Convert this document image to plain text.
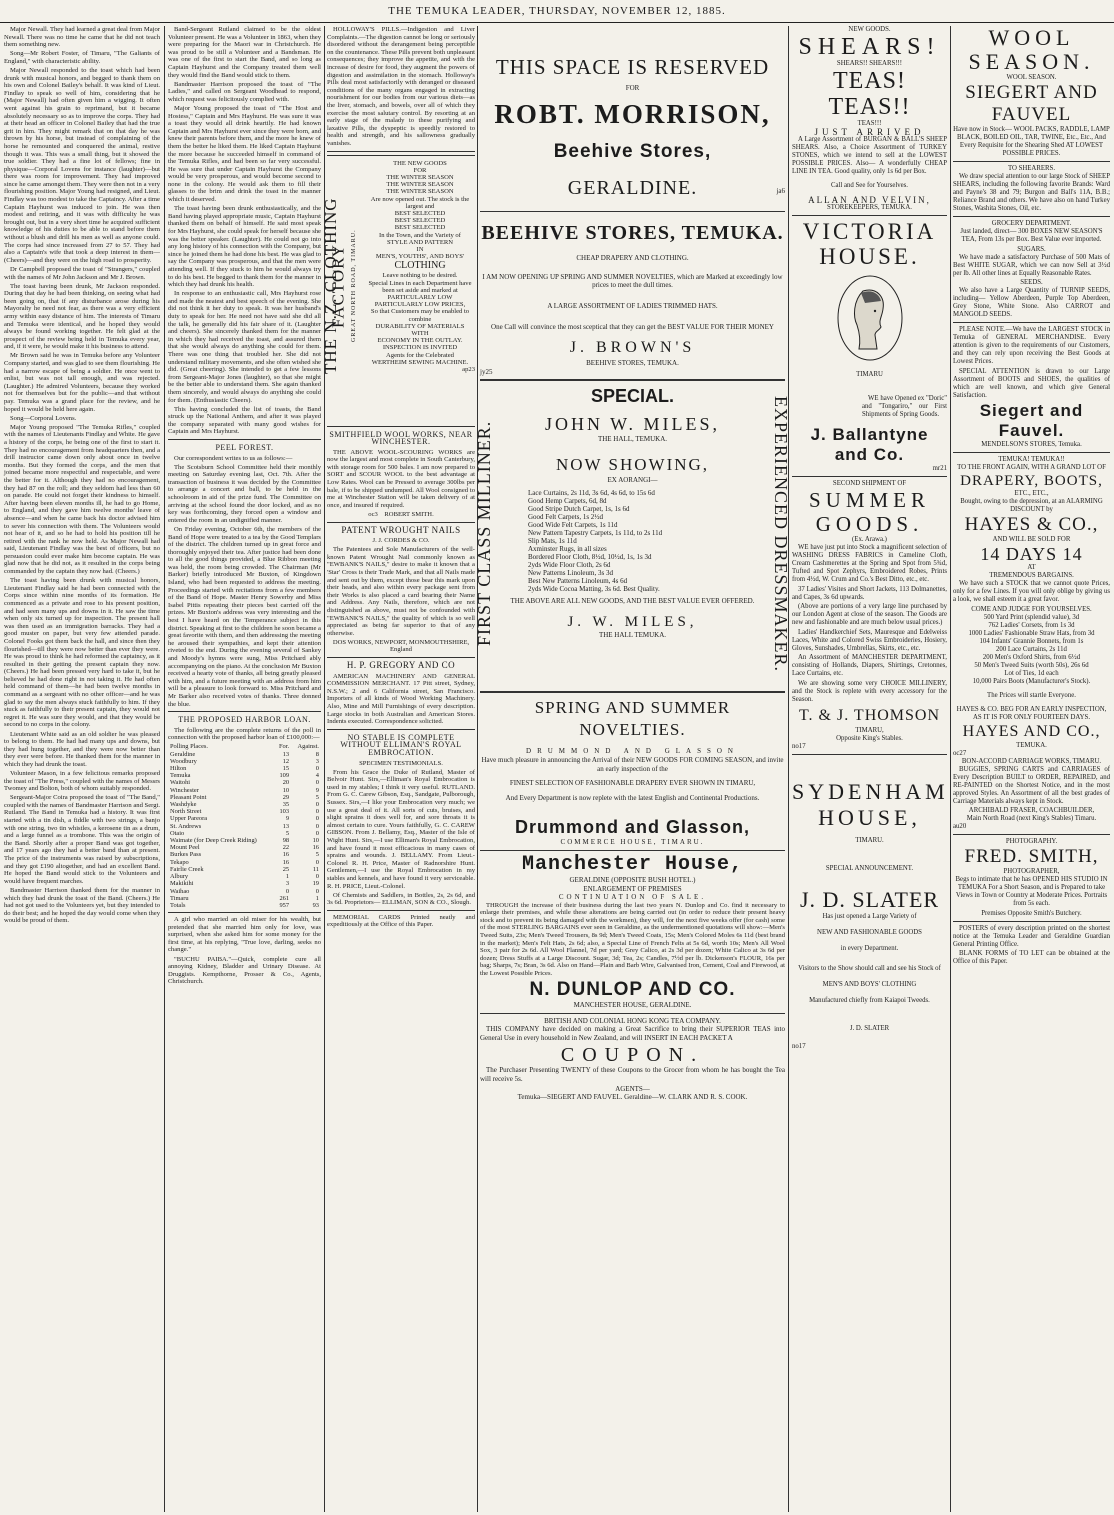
THE TEMUKA LEADER, THURSDAY, NOVEMBER 12, 1885.

Major Newall. They had learned a great deal from Major Newall. There was no time he came that he did not teach them something new.

Song—Mr Robert Foster, of Timaru, "The Galiants of England," with characteristic ability.

Major Newall responded to the toast which had been drunk with musical honors, and begged to thank them on his own and Colonel Bailey's behalf. It was kind of Lieut. Findlay to speak so well of him, considering that he (Major Newall) had often given him a wigging. It often went against his grain to reprimand, but it became absolutely necessary so as to improve the corps. They had at their head an officer in Colonel Bailey that had the true grit in him. They might remark that on that day he was thrown by his horse, but instead of complaining of the horse he remounted and conquered the animal, restive though it was. This was a small thing, but it showed the true soldier. They had a fine lot of fellows; fine in physique—Corporal Lovens for instance (laughter)—but there was room for improvement. They had improved since he came amongst them. They were then not in a very flourishing position. Major Young had resigned, and Lieut. Findlay was too modest to take the Captaincy. After a time Captain Hayhurst was induced to join. He was then modest and retiring, and it was with difficulty he was brought out, but in a very short time he acquired sufficient knowledge of his duties to be able to stand before them without a blush and drill his men as well as anyone could. The corps had since increased from 27 to 57. They had also a Captain's wife that took a deep interest in them—(Cheers)—and they were on the high road to prosperity.

Dr Campbell proposed the toast of "Strangers," coupled with the names of Mr John Jackson and Mr J. Brown.

The toast having been drunk, Mr Jackson responded. During that day he had been thinking, on seeing what had been going on, that if any disturbance arose during his Mayoralty he need not fear, as there was a very efficient army within easy distance of him. The interests of Timaru and Temuka were identical, and he hoped they would always be found working together. He felt glad at the prospect of the review being held in Temuka every year, and, if it were, he would make it his business to attend.

Mr Brown said he was in Temuka before any Volunteer Company started, and was glad to see them flourishing. He had a narrow escape of being a soldier. He once went to enlist, but was not tall enough, and was rejected. (Laughter.) He admired Volunteers, because they worked not for themselves but for the public—and that without pay. Temuka was a grand place for the review, and he hoped it would be held here again.

Song—Corporal Lovens.

Major Young proposed "The Temuka Rifles," coupled with the names of Lieutenants Findlay and White. He gave a history of the corps, he being one of the first to start it. They had no encouragement from headquarters then, and a drill instructor came down only about once in twelve months. But they formed the corps, and the men that joined became more respectful and respectable, and were the better for it. Although they had no encouragement, they had 87 on the roll; and they seldom had less than 60 on parade. He could not forget their kindness to himself. After having been eleven months ill, he had to go Home, to England, and they gave him twelve months' leave of absence—and when he came back his doctor advised him to sever his connection with them. The Volunteers would not hear of it, and so he had to hold his position till he retired with the rank he now held. As Major Newall had said, Lieutenant Findlay was the best of officers, but no persuasion could ever make him become captain. He was glad now that he did not, as it resulted in the corps being commanded by the captain they now had. (Cheers.)

The toast having been drunk with musical honors, Lieutenant Findlay said he had been connected with the Corps since within nine months of its formation. He commenced as a private and rose to his present position, and had seen many ups and downs in it. He saw the time when only six turned up for inspection. The present hall was then used as an immigration barracks. They had a good muster on paper, but very few attended parade. Colonel Fooks got them back the hall, and since then they flourished—till they were now better than ever they were. He was proud to think he had reformed the captaincy, as it resulted in their getting the present captain they now. (Cheers.) He had been pressed very hard to take it, but he believed he had done right in not taking it. He had often held command of them—he had been twelve months in command as a sergeant with no other officer—and he was glad to say the men always stuck faithfully to him. If they stuck as faithfully to their present captain, they would not regret it. He was sure they would, and that they would be second to no corps in the colony.

Lieutenant White said as an old soldier he was pleased to belong to them. He had had many ups and downs, but they had hung together, and they were now better than they ever were before. He thanked them for the manner in which they had drunk the toast.

Volunteer Mason, in a few felicitous remarks proposed the toast of "The Press," coupled with the names of Messrs Twomey and Bolton, both of whom suitably responded.

Sergeant-Major Coira proposed the toast of "The Band," coupled with the names of Bandmaster Harrison and Sergt. Rutland. The Band in Temuka had a history. It was first started with a tin dish, a fiddle with two strings, a banjo with one string, two tin whistles, a kerosene tin as a drum, and a large funnel as a trombone. This was the origin of the Band. Shortly after a proper Band was got together, and 17 years ago they had a better band than at present. The price of the instruments was raised by subscriptions, and they got £190 altogether, and had an excellent Band. He hoped the Band would stick to the Volunteers and would have frequent marches.

Bandmaster Harrison thanked them for the manner in which they had drunk the toast of the Band. (Cheers.) He had not got used to the Volunteers yet, but they intended to do their best; and he hoped the day would come when they would be proud of them.

Band-Sergeant Rutland claimed to be the oldest Volunteer present. He was a Volunteer in 1863, when they were preparing for the Maori war in Christchurch. He was proud to be still a Volunteer and a Bandsman. He was one of the first to start the Band, and so long as Captain Hayhurst and the Company treated them well they would find the Band would stick to them.

Bandmaster Harrison proposed the toast of "The Ladies," and called on Sergeant Woodhead to respond, which request was felicitously complied with.

Major Young proposed the toast of "The Host and Hostess," Captain and Mrs Hayhurst. He was sure it was a toast they would all drink heartily. He had known Captain and Mrs Hayhurst ever since they were born, and knew their parents before them, and the more he knew of them the better he liked them. He liked Captain Hayhurst the more because he succeeded himself in command of the Temuka Rifles, and had been so far very successful. He was sure that under Captain Hayhurst the Company would be very prosperous, and would become second to none in the colony. He would ask them to fill their glasses to the brim and drink the toast in the manner which it deserved.

The toast having been drunk enthusiastically, and the Band having played appropriate music, Captain Hayhurst thanked them on behalf of himself. He said most speak for Mrs Hayhurst, she could speak for herself because she was the better speaker. (Laughter). He could not go into any long history of his connection with the Company, but since he joined them he had done his best. He was glad to say the Company was prosperous, and that the men were attending well. If they stuck to him he would always try to do his best. He begged to thank them for the manner in which they had drunk his health.

In response to an enthusiastic call, Mrs Hayhurst rose and made the neatest and best speech of the evening. She did not think it her duty to speak. It was her husband's duty to speak for her. He need not have said she did all the talk, he generally did his fair share of it. (Laughter and cheers). She sincerely thanked them for the manner in which they had received the toast, and assured them that she would always do anything she could for them. There was one thing that troubled her. She did not understand military movements, and she often wished she did. (Great cheering). She intended to get a few lessons from Sergeant-Major Jones (laughter), so that she might be the better able to understand them. She again thanked them sincerely, and would always do anything she could for them. (Enthusiastic Cheers).

This having concluded the list of toasts, the Band struck up the National Anthem, and after it was played the company separated with many good wishes for Captain and Mrs Hayhurst.

PEEL FOREST.

Our correspondent writes to us as follows:—

The Scotsburn School Committee held their monthly meeting on Saturday evening last, Oct. 7th. After the transaction of business it was decided by the Committee to arrange a concert and ball, to be held in the schoolroom in aid of the prize fund. The Committee on arriving at the school found the door locked, and as no key was forthcoming, they forced open a window and entered the room in an undignified manner.

On Friday evening, October 6th, the members of the Band of Hope were treated to a tea by the Good Templars of the district. The children turned up in great force and thoroughly enjoyed their tea. After justice had been done to all the good things provided, a Blue Ribbon meeting was held, the room being crowded. The Chairman (Mr Barker) briefly introduced Mr Buxton, of Kingdown Island, who had been requested to address the meeting. Proceedings started with recitations from a few members of the Band of Hope. Master Henry Sowerby and Miss Isabel Pittis repeating their pieces best carried off the prizes. Mr Buxton's address was very interesting and the best I have heard on the Temperance subject in this district. Speaking at first to the children he soon became a great favorite with them, and then addressing the meeting he aroused their sympathies, and kept their attention riveted to the end. During the evening several of Sankey and Moody's hymns were sung, Miss Pritchard ably accompanying on the piano. At the conclusion Mr Buxton received a hearty vote of thanks, all being greatly pleased with him, and a future meeting with an address from him will be a pleasure to look forward to. Miss Pritchard and Mr Barker also received votes of thanks. Three donned the blue.

THE PROPOSED HARBOR LOAN.

The following are the complete returns of the poll in connection with the proposed harbor loan of £100,000:—

Polling Places.	For.	Against.
Geraldine	13	8
Woodbury	12	3
Hilton	15	0
Temuka	109	4
Waitohi	20	0
Winchester	10	9
Pleasant Point	29	5
Washdyke	35	0
North Street	103	0
Upper Pareora	9	0
St. Andrews	13	0
Otaio	5	0
Waimate (for Deep Creek Riding)	98	10
Mount Peel	22	16
Burkes Pass	16	5
Tekapo	16	0
Fairlie Creek	25	11
Albury	1	0
Makikihi	3	19
Waihao	0	0
Timaru	261	1
Totals	957	93

A girl who married an old miser for his wealth, but pretended that she married him only for love, was surprised, when she asked him for some money for the first time, at his replying, "True love, darling, seeks no change."

"BUCHU PAIBA."—Quick, complete cure all annoying Kidney, Bladder and Urinary Disease. At Druggists. Kempthorne, Prosser & Co., Agents, Christchurch.

HOLLOWAY'S PILLS.—Indigestion and Liver Complaints.—The digestion cannot be long or seriously disordered without the derangement being perceptible on the countenance. These Pills prevent both unpleasant consequences; they improve the appetite, and with the increase of desire for food, they augment the powers of digestion and assimilation in the stomach. Holloway's Pills deal most satisfactorily with deranged or diseased conditions of the many organs engaged in extracting nourishment for our bodies from our various diets—as the liver, stomach, and bowels, over all of which they exercise the most salutary control. By resorting at an early stage of the malady to these purifying and laxative Pills, the dyspeptic is speedily restored to health and strength, and his sallowness gradually vanishes.

THE N.Z. CLOTHING FACTORY GREAT NORTH ROAD, TIMARU.
THE NEW GOODS
FOR
THE WINTER SEASON
THE WINTER SEASON
THE WINTER SEASON
Are now opened out. The stock is the largest and
BEST SELECTED
BEST SELECTED
BEST SELECTED
In the Town, and the Variety of
STYLE AND PATTERN
IN
MEN'S, YOUTHS', AND BOYS'
CLOTHING
Leave nothing to be desired.
Special Lines in each Department have been set aside and marked at
PARTICULARLY LOW
PARTICULARLY LOW PRICES,
So that Customers may be enabled to combine
DURABILITY OF MATERIALS
WITH
ECONOMY IN THE OUTLAY.
INSPECTION IS INVITED
Agents for the Celebrated
WERTHEIM SEWING MACHINE.
ap23

SMITHFIELD WOOL WORKS, NEAR WINCHESTER.

THE ABOVE WOOL-SCOURING WORKS are now the largest and most complete in South Canterbury, with storage room for 500 bales. I am now prepared to SORT and SCOUR WOOL to the best advantage at Low Rates. Wool can be Pressed to average 300lbs per bale, if to be shipped undumped. All Wool consigned to me at Winchester Station will be taken delivery of at once, and insured if required.

oc3 ROBERT SMITH.

PATENT WROUGHT NAILS

J. J. CORDES & CO.

The Patentees and Sole Manufacturers of the well-known Patent Wrought Nail commonly known as "EWBANK'S NAILS," desire to make it known that a 'Star' Cross is their Trade Mark, and that all Nails made and sent out by them, except those bear this mark upon their heads, and also within every package sent from their Works is also placed a card bearing their Name and Address. Any Nails, therefore, which are not distinguished as above, must not be confounded with "EWBANK'S NAILS," the quality of which is so well appreciated as being far superior to that of any otherwise.

DOS WORKS, NEWPORT, MONMOUTHSHIRE, England

H. P. GREGORY AND CO

AMERICAN MACHINERY AND GENERAL COMMISSION MERCHANT. 17 Pitt street, Sydney, N.S.W.; 2 and 6 California street, San Francisco. Importers of all kinds of Wood Working Machinery. Also, Mine and Mill Furnishings of every description. Large stocks in both Australian and American Stores. Indents executed. Correspondence solicited.

NO STABLE IS COMPLETE WITHOUT ELLIMAN'S ROYAL EMBROCATION.

SPECIMEN TESTIMONIALS.

From his Grace the Duke of Rutland, Master of Belvoir Hunt. Sirs,—Elliman's Royal Embrocation is used in my stables; I think it very useful. RUTLAND. From G. C. Carew Gibson, Esq., Sandgate, Pulborough, Sussex. Sirs,—I like your Embrocation very much; we use a great deal of it. All sorts of cuts, bruises, and slight sprains it does well for, and sore throats it is almost certain to cure. Yours faithfully, G. C. CAREW GIBSON. From J. Bellamy, Esq., Master of the Isle of Wight Hunt. Sirs,—I use Elliman's Royal Embrocation, and have found it most efficacious in many cases of sprains and wounds. J. BELLAMY. From Lieut.-Colonel R. H. Price, Master of Radnorshire Hunt. Gentlemen,—I use the Royal Embrocation in my stables and kennels, and have found it very serviceable. R. H. PRICE, Lieut.-Colonel.

Of Chemists and Saddlers, in Bottles, 2s, 2s 6d, and 3s 6d. Proprietors— ELLIMAN, SON & CO., Slough.

MEMORIAL CARDS Printed neatly and expeditiously at the Office of this Paper.

THIS SPACE IS RESERVED
FOR
ROBT. MORRISON,
Beehive Stores,
GERALDINE.	ja6
BEEHIVE STORES, TEMUKA.
CHEAP DRAPERY AND CLOTHING.

I AM NOW OPENING UP SPRING AND SUMMER NOVELTIES, which are Marked at exceedingly low prices to meet the dull times.

A LARGE ASSORTMENT OF LADIES TRIMMED HATS.

One Call will convince the most sceptical that they can get the BEST VALUE FOR THEIR MONEY

J. BROWN'S
BEEHIVE STORES, TEMUKA.
jy25
FIRST CLASS MILLINER.	EXPERIENCED DRESSMAKER.
SPECIAL.
JOHN W. MILES,
THE HALL, TEMUKA.
NOW SHOWING,
EX AORANGI—
Lace Curtains, 2s 11d, 3s 6d, 4s 6d, to 15s 6d
Good Hemp Carpets, 6d, 8d
Good Stripe Dutch Carpet, 1s, 1s 6d
Good Felt Carpets, 1s 2½d
Good Wide Felt Carpets, 1s 11d
New Pattern Tapestry Carpets, 1s 11d, to 2s 11d
Slip Mats, 1s 11d
Axminster Rugs, in all sizes
Bordered Floor Cloth, 8½d, 10½d, 1s, 1s 3d
2yds Wide Floor Cloth, 2s 6d
New Patterns Linoleum, 3s 3d
Best New Patterns Linoleum, 4s 6d
2yds Wide Cocoa Matting, 3s 6d. Best Quality.
THE ABOVE ARE ALL NEW GOODS, AND THE BEST VALUE EVER OFFERED.
J. W. MILES,
THE HALL TEMUKA.
SPRING AND SUMMER NOVELTIES.
DRUMMOND AND GLASSON

Have much pleasure in announcing the Arrival of their NEW GOODS FOR COMING SEASON, and invite an early inspection of the

FINEST SELECTION OF FASHIONABLE DRAPERY EVER SHOWN IN TIMARU,

And Every Department is now replete with the latest English and Continental Productions.

Drummond and Glasson,
COMMERCE HOUSE, TIMARU.
Manchester House,
GERALDINE (OPPOSITE BUSH HOTEL.)
ENLARGEMENT OF PREMISES
CONTINUATION OF SALE.

THROUGH the increase of their business during the last two years N. Dunlop and Co. find it necessary to enlarge their premises, and while these alterations are being carried out (in order to reduce their present heavy stock and to prevent its being damaged with the workmen), they will, for the next five weeks offer (for cash) some of the most STERLING BARGAINS ever seen in Geraldine, as the undermentioned quotations will show:—Men's Tweed Suits, 23s; Men's Tweed Trousers, 8s 9d; Men's Tweed Coats, 15s; Men's Colored Moles 6s 11d (best brand in the market); Men's Felt Hats, 2s 6d; also, a Special Line of French Felts at 5s 6d, worth 10s; Men's All Wool Sox, 3 pair for 2s 6d. All Wool Flannel, 7d per yard; Grey Calico, at 2s 3d per dozen; White Calico at 3s 6d per dozen; Dress Stuffs at a Large Discount. Sugar, 3d; Tea, 2s; Candles, 7½d per lb. Dickenson's FLOUR, 16s per bag; Sharps, 7s; Bran, 3s 6d. Also on Hand—Plain and Barb Wire, Galvanised Iron, Cement, Coal and Firewood, at the Lowest Possible Prices.

N. DUNLOP AND CO.
MANCHESTER HOUSE, GERALDINE.
BRITISH AND COLONIAL HONG KONG TEA COMPANY.

THIS COMPANY have decided on making a Great Sacrifice to bring their SUPERIOR TEAS into General Use in every household in New Zealand, and will INSERT IN EACH PACKET A

COUPON.

The Purchaser Presenting TWENTY of these Coupons to the Grocer from whom he has bought the Tea will receive 5s.

AGENTS—
Temuka—SIEGERT AND FAUVEL. Geraldine—W. CLARK AND R. S. COOK.
NEW GOODS.
SHEARS!
SHEARS!! SHEARS!!!
TEAS! TEAS!!
TEAS!!!
JUST ARRIVED

A Large Assortment of BURGAN & BALL'S SHEEP SHEARS. Also, a Choice Assortment of TURKEY STONES, which we intend to sell at the LOWEST POSSIBLE PRICES. Also— A wonderfully CHEAP LINE IN TEA. Good quality, only 1s 6d per Box.

Call and See for Yourselves.
ALLAN AND VELVIN,
STOREKEEPERS, TEMUKA.
VICTORIA HOUSE.
TIMARU

WE have Opened ex "Doric" and "Tongariro," our First Shipments of Spring Goods.

J. Ballantyne and Co.
mr21
SECOND SHIPMENT OF
SUMMER GOODS.
(Ex. Arawa.)

WE have just put into Stock a magnificent selection of WASHING DRESS FABRICS in Cameline Cloth, Cream Cashmerettes at the Spring and Spot from 5¾d, Tufted and Spot Zephyrs, Embroidered Robes, Prints from 4½d, W. Crum and Co.'s Best Ditto, etc., etc.

37 Ladies' Visites and Short Jackets, 113 Dolmanettes, and Capes, 3s 6d upwards.

(Above are portions of a very large line purchased by our London Agent at close of the season. The Goods are new and fashionable and are much below usual prices.)

Ladies' Handkerchief Sets, Mauresque and Edelweiss Laces, White and Colored Swiss Embroideries, Hosiery, Gloves, Sunshades, Umbrellas, Skirts, etc., etc.

An Assortment of MANCHESTER DEPARTMENT, consisting of Hollands, Diapers, Shirtings, Cretonnes, Lace Curtains, etc.

We are showing some very CHOICE MILLINERY, and the Stock is replete with every accessory for the Season.

T. & J. THOMSON
TIMARU,
Opposite King's Stables.
no17
SYDENHAM HOUSE,
TIMARU.
SPECIAL ANNOUNCEMENT.
J. D. SLATER
Has just opened a Large Variety of
NEW AND FASHIONABLE GOODS
in every Department.
Visitors to the Show should call and see his Stock of
MEN'S AND BOYS' CLOTHING
Manufactured chiefly from Kaiapoi Tweeds.
J. D. SLATER
no17
WOOL SEASON.
WOOL SEASON.
SIEGERT AND FAUVEL

Have now in Stock— WOOL PACKS, RADDLE, LAMP BLACK, BOILED OIL, TAR, TWINE, Etc., Etc., And Every Requisite for the Shearing Shed AT LOWEST POSSIBLE PRICES.

TO SHEARERS.

We draw special attention to our large Stock of SHEEP SHEARS, including the following favorite Brands: Ward and Payne's 38 and 79; Burgon and Ball's 11A, B.B.; Reliance Brand and others. We have also on hand Turkey Stones, Washita Stones, Oil, etc.

GROCERY DEPARTMENT.

Just landed, direct— 300 BOXES NEW SEASON'S TEA, From 13s per Box. Best Value ever imported.

SUGARS.

We have made a satisfactory Purchase of 500 Mats of Best WHITE SUGAR, which we can now Sell at 3½d per lb. All other lines at Equally Reasonable Rates.

SEEDS.

We also have a Large Quantity of TURNIP SEEDS, including— Yellow Aberdeen, Purple Top Aberdeen, Grey Stone, White Stone. Also CARROT and MANGOLD SEEDS.

PLEASE NOTE.—We have the LARGEST STOCK in Temuka of GENERAL MERCHANDISE. Every attention is given to the requirements of our Customers, and they can rely upon receiving the Best Goods at Lowest Prices.

SPECIAL ATTENTION is drawn to our Large Assortment of BOOTS and SHOES, the qualities of which are well known, and which give General Satisfaction.

Siegert and Fauvel.
MENDELSON'S STORES, Temuka.
TEMUKA! TEMUKA!!
TO THE FRONT AGAIN, WITH A GRAND LOT OF
DRAPERY, BOOTS,
ETC., ETC.,
Bought, owing to the depression, at an ALARMING DISCOUNT by
HAYES & CO.,
AND WILL BE SOLD FOR
14 DAYS 14
AT
TREMENDOUS BARGAINS.

We have such a STOCK that we cannot quote Prices, only for a few Lines. If you will only oblige by giving us a look, we shall esteem it a great favor.

COME AND JUDGE FOR YOURSELVES.
500 Yard Print (splendid value), 3d
762 Ladies' Corsets, from 1s 3d
1000 Ladies' Fashionable Straw Hats, from 3d
104 Infants' Grannie Bonnets, from 1s
200 Lace Curtains, 2s 11d
200 Men's Oxford Shirts, from 6½d
50 Men's Tweed Suits (worth 50s), 26s 6d
Lot of Ties, 1d each
10,000 Pairs Boots (Manufacturer's Stock).
The Prices will startle Everyone.
HAYES & CO. BEG FOR AN EARLY INSPECTION, AS IT IS FOR ONLY FOURTEEN DAYS.
HAYES AND CO.,
TEMUKA.
oc27
BON-ACCORD CARRIAGE WORKS, TIMARU.

BUGGIES, SPRING CARTS and CARRIAGES of Every Description BUILT to ORDER, REPAIRED, and RE-PAINTED on the Shortest Notice, and in the most approved Styles. An Assortment of all the best grades of Carriage Materials always kept in Stock.

ARCHIBALD FRASER, COACHBUILDER,
Main North Road (next King's Stables) Timaru.
au20
PHOTOGRAPHY.
FRED. SMITH,
PHOTOGRAPHER,

Begs to intimate that he has OPENED HIS STUDIO IN TEMUKA For a Short Season, and is Prepared to take Views in Town or Country at Moderate Prices. Portraits from 5s each.

Premises Opposite Smith's Butchery.

POSTERS of every description printed on the shortest notice at the Temuka Leader and Geraldine Guardian General Printing Office.

BLANK FORMS of TO LET can be obtained at the Office of this Paper.
